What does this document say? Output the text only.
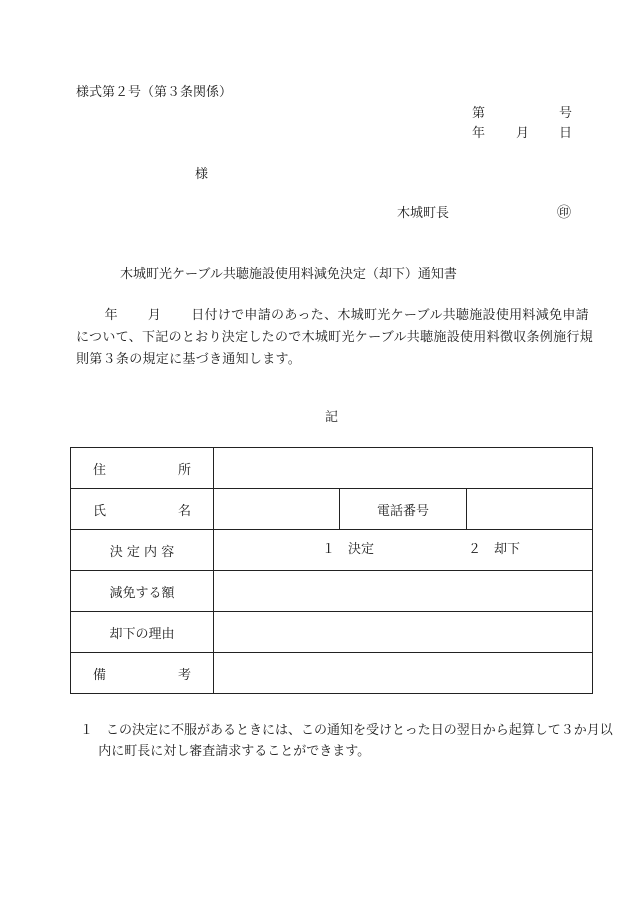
様式第２号（第３条関係）
第	号
年 月 日
様
木城町長	㊞
木城町光ケーブル共聴施設使用料減免決定（却下）通知書
年 月 日付けで申請のあった、木城町光ケーブル共聴施設使用料減免申請について、下記のとおり決定したので木城町光ケーブル共聴施設使用料徴収条例施行規則第３条の規定に基づき通知します。
記
住 所			

氏 名		電話番号	
決 定 内 容	１　決定 ２　却下		

減免する額			
却下の理由			

備 考			

１　この決定に不服があるときには、この通知を受けとった日の翌日から起算して３か月以内に町長に対し審査請求することができます。
